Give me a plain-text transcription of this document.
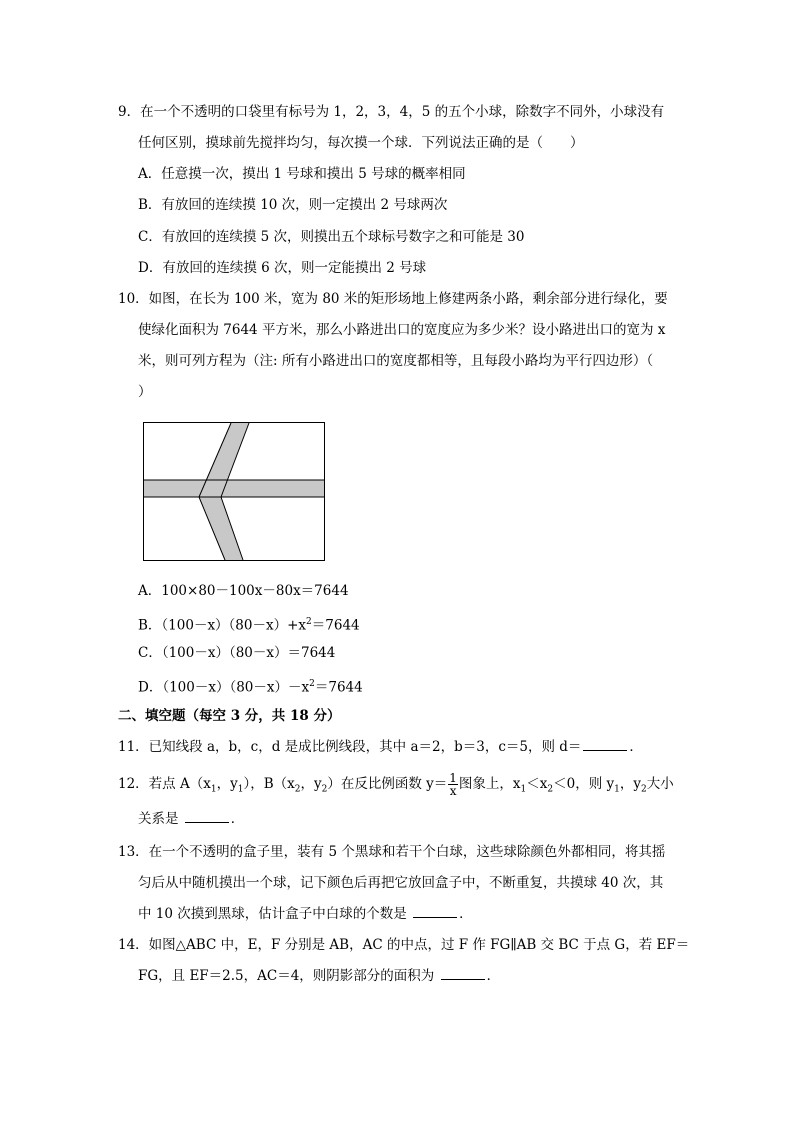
9．在一个不透明的口袋里有标号为 1，2，3，4，5 的五个小球，除数字不同外，小球没有
任何区别，摸球前先搅拌均匀，每次摸一个球．下列说法正确的是（　　）
A．任意摸一次，摸出 1 号球和摸出 5 号球的概率相同
B．有放回的连续摸 10 次，则一定摸出 2 号球两次
C．有放回的连续摸 5 次，则摸出五个球标号数字之和可能是 30
D．有放回的连续摸 6 次，则一定能摸出 2 号球
10．如图，在长为 100 米，宽为 80 米的矩形场地上修建两条小路，剩余部分进行绿化，要
使绿化面积为 7644 平方米，那么小路进出口的宽度应为多少米？设小路进出口的宽为 x
米，则可列方程为（注: 所有小路进出口的宽度都相等，且每段小路均为平行四边形）（
）
A．100×80－100x－80x＝7644
B．$(100-x)(80-x)+x^2=7644$
C．（100－x）（80－x）＝7644
D．$(100-x)(80-x)-x^2=7644$
二、填空题（每空 3 分，共 18 分）
11．已知线段 a，b，c，d 是成比例线段，其中 a＝2，b＝3，c＝5，则 d＝	．
12．若点 $A(x_1$，$y_1$），$B(x_2$，$y_2$）在反比例函数 $y= \frac{1}{x}$ 图象上，$x_1<x_2<0$，则 $y_1$，$y_2$大小
关系是	．
13．在一个不透明的盒子里，装有 5 个黑球和若干个白球，这些球除颜色外都相同，将其摇
匀后从中随机摸出一个球，记下颜色后再把它放回盒子中，不断重复，共摸球 40 次，其
中 10 次摸到黑球，估计盒子中白球的个数是	．
14．如图△ABC 中，E，F 分别是 AB，AC 的中点，过 F 作 FG∥AB 交 BC 于点 G，若 EF＝
FG，且 EF＝2.5，AC＝4，则阴影部分的面积为	．
